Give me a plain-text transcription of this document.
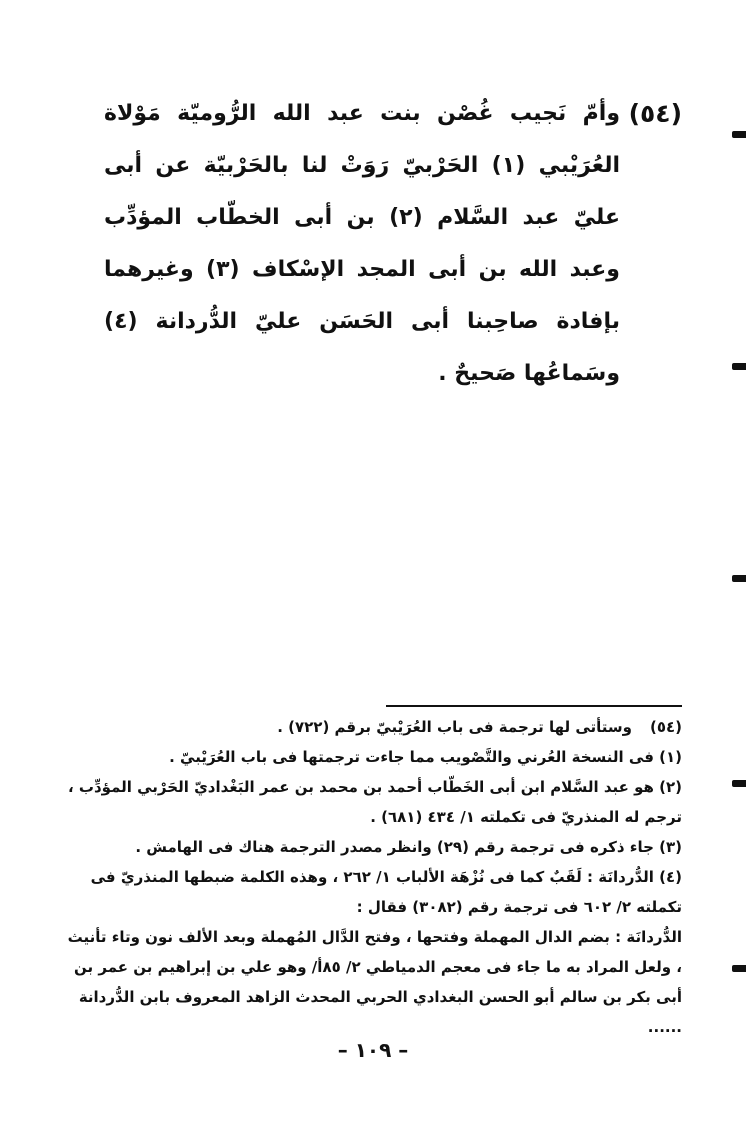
(٥٤)
وأمّ نَجيب غُصْن بنت عبد الله الرُّوميّة مَوْلاة العُرَيْبي (١) الحَرْبيّ رَوَتْ لنا بالحَرْبيّة عن أبى عليّ عبد السَّلام (٢) بن أبى الخطّاب المؤدِّب وعبد الله بن أبى المجد الإسْكاف (٣) وغيرهما بإفادة صاحِبنا أبى الحَسَن عليّ الدُّردانة (٤) وسَماعُها صَحيحٌ .
(٥٤)وستأتى لها ترجمة فى باب العُرَيْبيّ برقم (٧٢٢) .
(١) فى النسخة العُرني والتَّصْويب مما جاءت ترجمتها فى باب العُرَيْبيّ .
(٢) هو عبد السَّلام ابن أبى الخَطّاب أحمد بن محمد بن عمر البَغْداديّ الحَرْبي المؤدِّب ، ترجم له المنذريّ فى تكملته ١/ ٤٣٤ (٦٨١) .
(٣) جاء ذكره فى ترجمة رقم (٢٩) وانظر مصدر الترجمة هناك فى الهامش .
(٤) الدُّردانَة : لَقَبٌ كما فى نُزْهَة الألباب ١/ ٢٦٢ ، وهذه الكلمة ضبطها المنذريّ فى تكملته ٢/ ٦٠٢ فى ترجمة رقم (٣٠٨٢) فقال :
الدُّردانَة : بضم الدال المهملة وفتحها ، وفتح الدَّال المُهملة وبعد الألف نون وتاء تأنيث ، ولعل المراد به ما جاء فى معجم الدمياطي ٢/ ٨٥أ/ وهو علي بن إبراهيم بن عمر بن أبى بكر بن سالم أبو الحسن البغدادي الحربي المحدث الزاهد المعروف بابن الدُّردانة ......
– ١٠٩ –
